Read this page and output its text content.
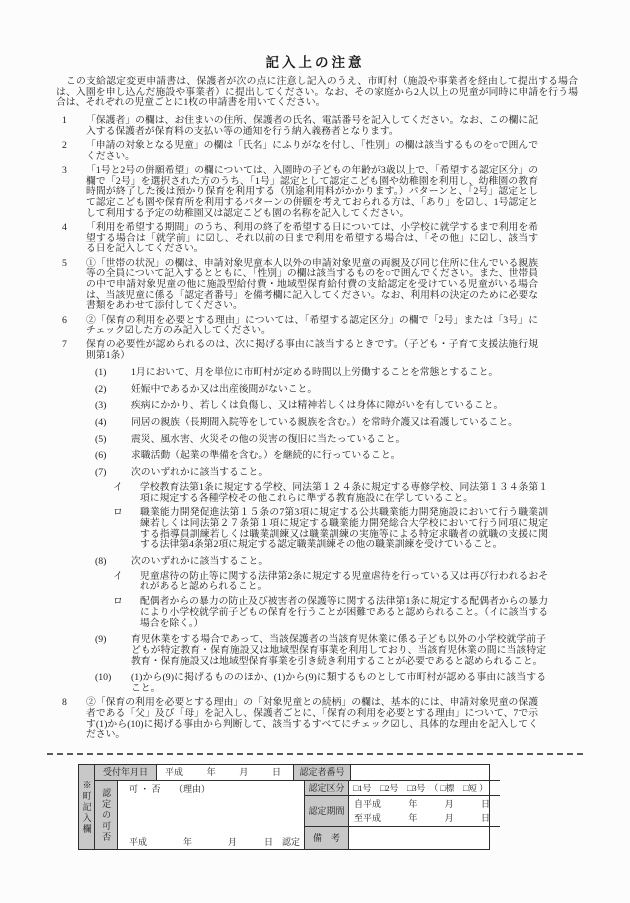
記入上の注意

この支給認定変更申請書は、保護者が次の点に注意し記入のうえ、市町村（施設や事業者を経由して提出する場合は、入園を申し込んだ施設や事業者）に提出してください。なお、その家庭から2人以上の児童が同時に申請を行う場合は、それぞれの児童ごとに1枚の申請書を用いてください。

1	「保護者」の欄は、お住まいの住所、保護者の氏名、電話番号を記入してください。なお、この欄に記入する保護者が保育料の支払い等の通知を行う納入義務者となります。
2	「申請の対象となる児童」の欄は「氏名」にふりがなを付し、「性別」の欄は該当するものを○で囲んでください。
3	「1号と2号の併願希望」の欄については、入園時の子どもの年齢が3歳以上で、「希望する認定区分」の欄で「2号」を選択された方のうち、「1号」認定として認定こども園や幼稚園を利用し、幼稚園の教育時間が終了した後は預かり保育を利用する（別途利用料がかかります。）パターンと、「2号」認定として認定こども園や保育所を利用するパターンの併願を考えておられる方は、「あり」を☑し、1号認定として利用する予定の幼稚園又は認定こども園の名称を記入してください。
4	「利用を希望する期間」のうち、利用の終了を希望する日については、小学校に就学するまで利用を希望する場合は「就学前」に☑し、それ以前の日まで利用を希望する場合は、「その他」に☑し、該当する日を記入してください。
5	①「世帯の状況」の欄は、申請対象児童本人以外の申請対象児童の両親及び同じ住所に住んでいる親族等の全員について記入するとともに、「性別」の欄は該当するものを○で囲んでください。また、世帯員の中で申請対象児童の他に施設型給付費・地域型保育給付費の支給認定を受けている児童がいる場合は、当該児童に係る「認定者番号」を備考欄に記入してください。なお、利用料の決定のために必要な書類をあわせて添付してください。
6	②「保育の利用を必要とする理由」については、「希望する認定区分」の欄で「2号」または「3号」にチェック☑した方のみ記入してください。
7	保育の必要性が認められるのは、次に掲げる事由に該当するときです。（子ども・子育て支援法施行規則第1条）
(1)	1月において、月を単位に市町村が定める時間以上労働することを常態とすること。
(2)	妊娠中であるか又は出産後間がないこと。
(3)	疾病にかかり、若しくは負傷し、又は精神若しくは身体に障がいを有していること。
(4)	同居の親族（長期間入院等をしている親族を含む。）を常時介護又は看護していること。
(5)	震災、風水害、火災その他の災害の復旧に当たっていること。
(6)	求職活動（起業の準備を含む。）を継続的に行っていること。
(7)	次のいずれかに該当すること。
イ	学校教育法第1条に規定する学校、同法第１２４条に規定する専修学校、同法第１３４条第１項に規定する各種学校その他これらに準ずる教育施設に在学していること。
ロ	職業能力開発促進法第１５条の7第3項に規定する公共職業能力開発施設において行う職業訓練若しくは同法第２７条第１項に規定する職業能力開発総合大学校において行う同項に規定する指導員訓練若しくは職業訓練又は職業訓練の実施等による特定求職者の就職の支援に関する法律第4条第2項に規定する認定職業訓練その他の職業訓練を受けていること。
(8)	次のいずれかに該当すること。
イ	児童虐待の防止等に関する法律第2条に規定する児童虐待を行っている又は再び行われるおそれがあると認められること。
ロ	配偶者からの暴力の防止及び被害者の保護等に関する法律第1条に規定する配偶者からの暴力により小学校就学前子どもの保育を行うことが困難であると認められること。（イに該当する場合を除く。）
(9)	育児休業をする場合であって、当該保護者の当該育児休業に係る子ども以外の小学校就学前子どもが特定教育・保育施設又は地域型保育事業を利用しており、当該育児休業の間に当該特定教育・保育施設又は地域型保育事業を引き続き利用することが必要であると認められること。
(10)	(1)から(9)に掲げるもののほか、(1)から(9)に類するものとして市町村が認める事由に該当すること。
8	②「保育の利用を必要とする理由」の「対象児童との続柄」の欄は、基本的には、申請対象児童の保護者である「父」及び「母」を記入し、保護者ごとに、「保育の利用を必要とする理由」について、7で示す(1)から(10)に掲げる事由から判断して、該当するすべてにチェック☑し、具体的な理由を記入してください。
※町記入欄
受付年月日	平成	年	月	日	認定者番号
認定の可否	可 ・ 否　　（理由）
平成　　　　年　　　　月　　　日　認定
認定区分 □1号　□2号　□3号　（ □標　□短 ）
認定期間
自平成	年	月	日
至平成	年	月	日
備　考
